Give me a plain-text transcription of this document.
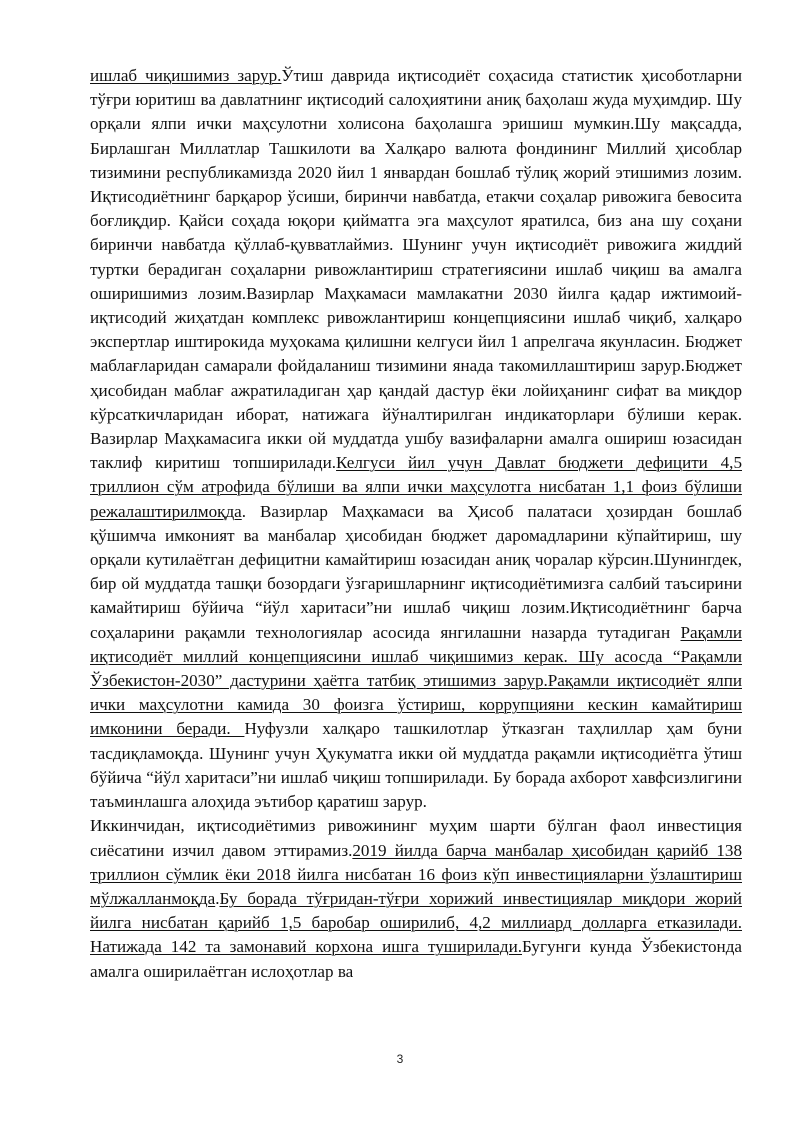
ишлаб чиқишимиз зарур.Ўтиш даврида иқтисодиёт соҳасида статистик ҳисоботларни тўғри юритиш ва давлатнинг иқтисодий салоҳиятини аниқ баҳолаш жуда муҳимдир. Шу орқали ялпи ички маҳсулотни холисона баҳолашга эришиш мумкин.Шу мақсадда, Бирлашган Миллатлар Ташкилоти ва Халқаро валюта фондининг Миллий ҳисоблар тизимини республикамизда 2020 йил 1 январдан бошлаб тўлиқ жорий этишимиз лозим. Иқтисодиётнинг барқарор ўсиши, биринчи навбатда, етакчи соҳалар ривожига бевосита боғлиқдир. Қайси соҳада юқори қийматга эга маҳсулот яратилса, биз ана шу соҳани биринчи навбатда қўллаб-қувватлаймиз. Шунинг учун иқтисодиёт ривожига жиддий туртки берадиган соҳаларни ривожлантириш стратегиясини ишлаб чиқиш ва амалга оширишимиз лозим.Вазирлар Маҳкамаси мамлакатни 2030 йилга қадар ижтимоий-иқтисодий жиҳатдан комплекс ривожлантириш концепциясини ишлаб чиқиб, халқаро экспертлар иштирокида муҳокама қилишни келгуси йил 1 апрелгача якунласин. Бюджет маблағларидан самарали фойдаланиш тизимини янада такомиллаштириш зарур.Бюджет ҳисобидан маблағ ажратиладиган ҳар қандай дастур ёки лойиҳанинг сифат ва миқдор кўрсаткичларидан иборат, натижага йўналтирилган индикаторлари бўлиши керак. Вазирлар Маҳкамасига икки ой муддатда ушбу вазифаларни амалга ошириш юзасидан таклиф киритиш топширилади.Келгуси йил учун Давлат бюджети дефицити 4,5 триллион сўм атрофида бўлиши ва ялпи ички маҳсулотга нисбатан 1,1 фоиз бўлиши режалаштирилмоқда. Вазирлар Маҳкамаси ва Ҳисоб палатаси ҳозирдан бошлаб қўшимча имконият ва манбалар ҳисобидан бюджет даромадларини кўпайтириш, шу орқали кутилаётган дефицитни камайтириш юзасидан аниқ чоралар кўрсин.Шунингдек, бир ой муддатда ташқи бозордаги ўзгаришларнинг иқтисодиётимизга салбий таъсирини камайтириш бўйича “йўл харитаси”ни ишлаб чиқиш лозим.Иқтисодиётнинг барча соҳаларини рақамли технологиялар асосида янгилашни назарда тутадиган Рақамли иқтисодиёт миллий концепциясини ишлаб чиқишимиз керак. Шу асосда “Рақамли Ўзбекистон-2030” дастурини ҳаётга татбиқ этишимиз зарур.Рақамли иқтисодиёт ялпи ички маҳсулотни камида 30 фоизга ўстириш, коррупцияни кескин камайтириш имконини беради. Нуфузли халқаро ташкилотлар ўтказган таҳлиллар ҳам буни тасдиқламоқда. Шунинг учун Ҳукуматга икки ой муддатда рақамли иқтисодиётга ўтиш бўйича “йўл харитаси”ни ишлаб чиқиш топширилади. Бу борада ахборот хавфсизлигини таъминлашга алоҳида эътибор қаратиш зарур.

Иккинчидан, иқтисодиётимиз ривожининг муҳим шарти бўлган фаол инвестиция сиёсатини изчил давом эттирамиз.2019 йилда барча манбалар ҳисобидан қарийб 138 триллион сўмлик ёки 2018 йилга нисбатан 16 фоиз кўп инвестицияларни ўзлаштириш мўлжалланмоқда.Бу борада тўғридан-тўғри хорижий инвестициялар миқдори жорий йилга нисбатан қарийб 1,5 баробар оширилиб, 4,2 миллиард долларга етказилади. Натижада 142 та замонавий корхона ишга туширилади.Бугунги кунда Ўзбекистонда амалга оширилаётган ислоҳотлар ва

3
